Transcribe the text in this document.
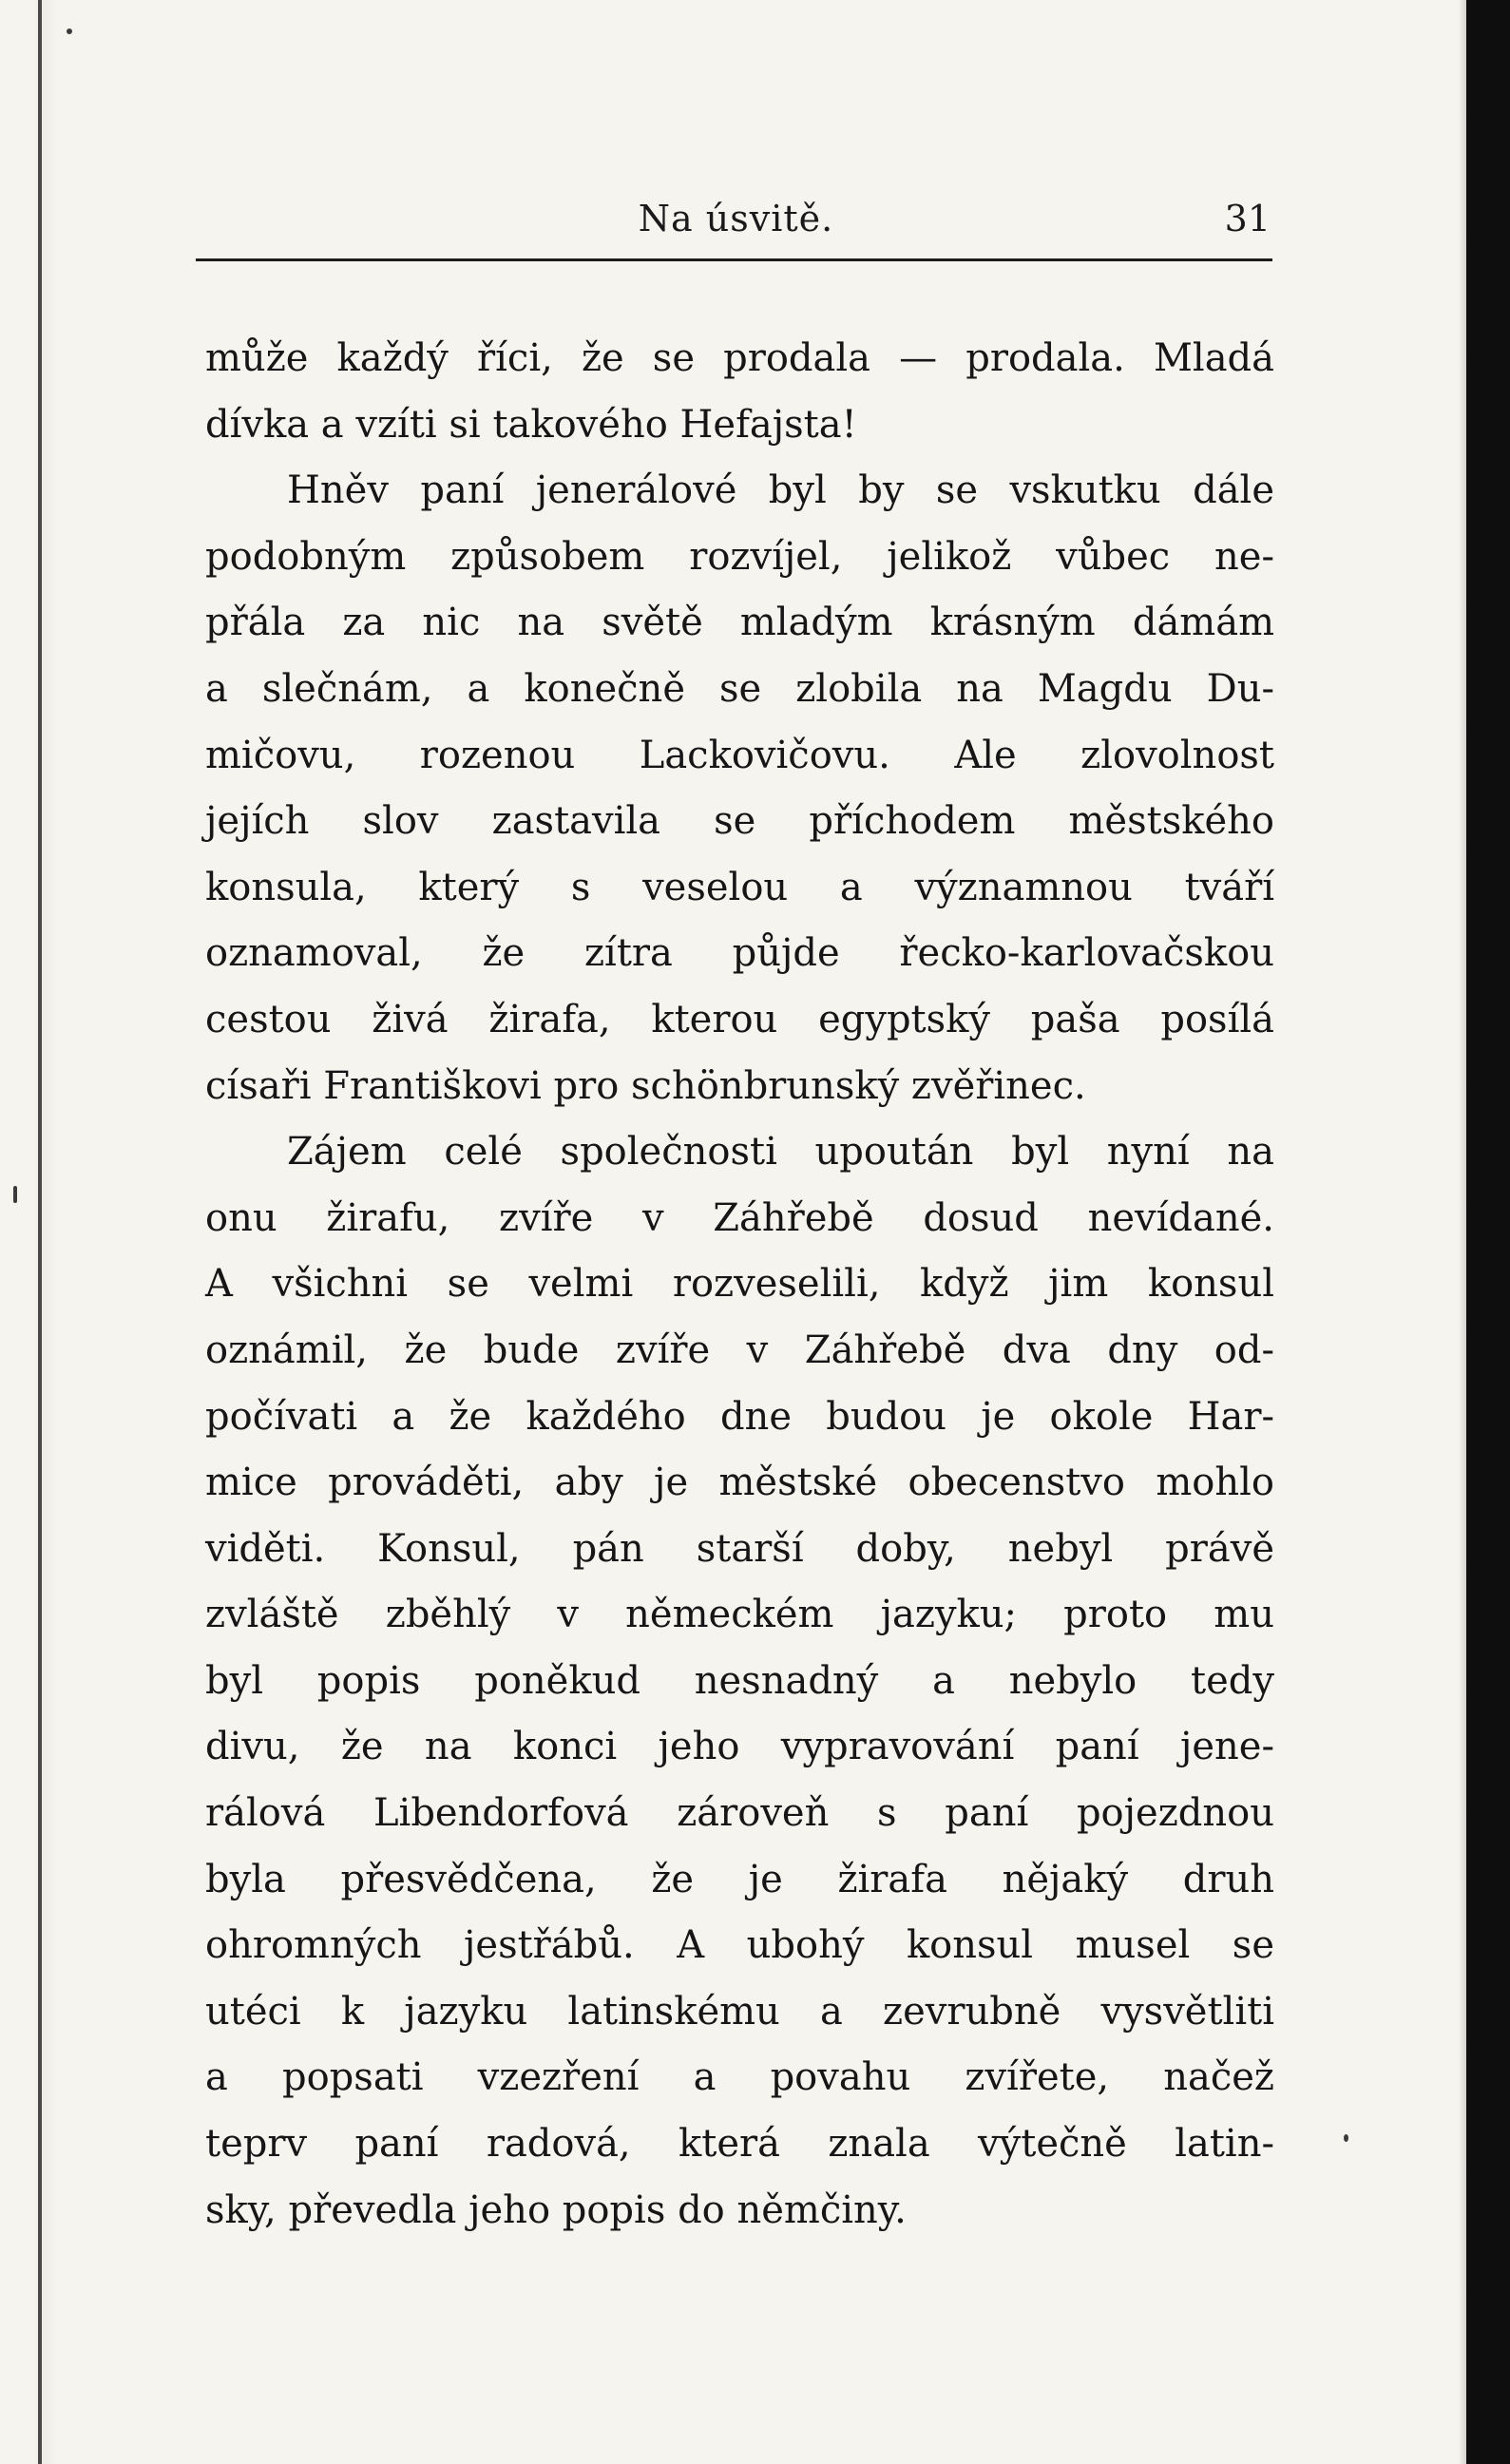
Na úsvitě.	31
může každý říci, že se prodala — prodala. Mladá
dívka a vzíti si takového Hefajsta!
Hněv paní jenerálové byl by se vskutku dále
podobným způsobem rozvíjel, jelikož vůbec ne-
přála za nic na světě mladým krásným dámám
a slečnám, a konečně se zlobila na Magdu Du-
mičovu, rozenou Lackovičovu. Ale zlovolnost
jejích slov zastavila se příchodem městského
konsula, který s veselou a významnou tváří
oznamoval, že zítra půjde řecko-karlovačskou
cestou živá žirafa, kterou egyptský paša posílá
císaři Františkovi pro schönbrunský zvěřinec.
Zájem celé společnosti upoután byl nyní na
onu žirafu, zvíře v Záhřebě dosud nevídané.
A všichni se velmi rozveselili, když jim konsul
oznámil, že bude zvíře v Záhřebě dva dny od-
počívati a že každého dne budou je okole Har-
mice prováděti, aby je městské obecenstvo mohlo
viděti. Konsul, pán starší doby, nebyl právě
zvláště zběhlý v německém jazyku; proto mu
byl popis poněkud nesnadný a nebylo tedy
divu, že na konci jeho vypravování paní jene-
rálová Libendorfová zároveň s paní pojezdnou
byla přesvědčena, že je žirafa nějaký druh
ohromných jestřábů. A ubohý konsul musel se
utéci k jazyku latinskému a zevrubně vysvětliti
a popsati vzezření a povahu zvířete, načež
teprv paní radová, která znala výtečně latin-
sky, převedla jeho popis do němčiny.
